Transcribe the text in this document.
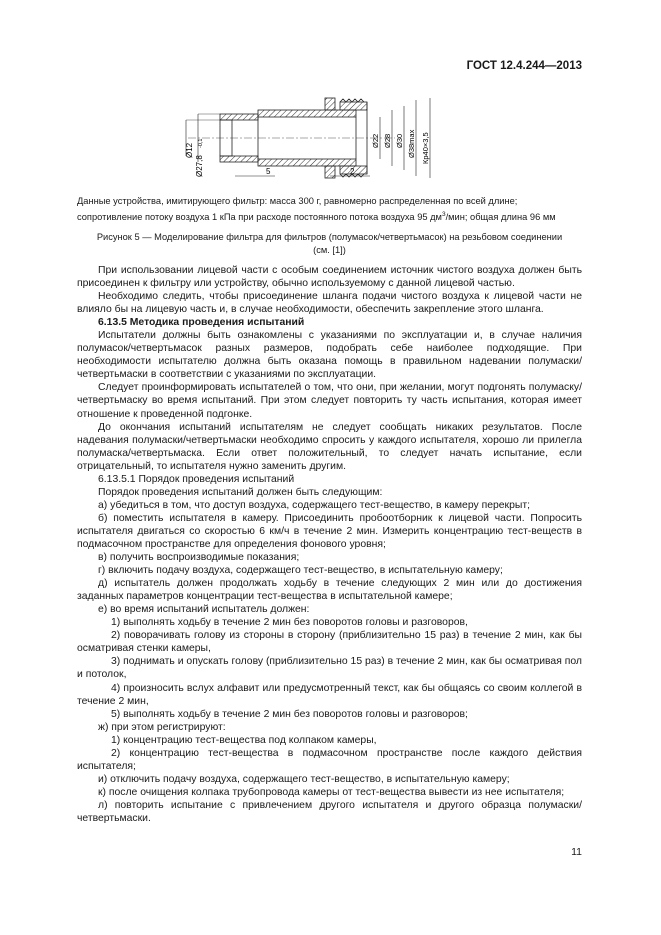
ГОСТ 12.4.244—2013
Ø12
Ø27,8
-0,1
5	2
Ø22 Ø28 Ø30 Ø38max Кр40×3,5
Данные устройства, имитирующего фильтр: масса 300 г, равномерно распределенная по всей длине; сопротивление потоку воздуха 1 кПа при расходе постоянного потока воздуха 95 $дм^3$/мин; общая длина 96 мм
Рисунок 5 — Моделирование фильтра для фильтров (полумасок/четвертьмасок) на резьбовом соединении
(см. [1])

При использовании лицевой части с особым соединением источник чистого воздуха должен быть присоединен к фильтру или устройству, обычно используемому с данной лицевой частью.

Необходимо следить, чтобы присоединение шланга подачи чистого воздуха к лицевой части не влияло бы на лицевую часть и, в случае необходимости, обеспечить закрепление этого шланга.

6.13.5 Методика проведения испытаний

Испытатели должны быть ознакомлены с указаниями по эксплуатации и, в случае наличия полумасок/четвертьмасок разных размеров, подобрать себе наиболее подходящие. При необходимости испытателю должна быть оказана помощь в правильном надевании полумаски/четвертьмаски в соответствии с указаниями по эксплуатации.

Следует проинформировать испытателей о том, что они, при желании, могут подгонять полумаску/четвертьмаску во время испытаний. При этом следует повторить ту часть испытания, которая имеет отношение к проведенной подгонке.

До окончания испытаний испытателям не следует сообщать никаких результатов. После надевания полумаски/четвертьмаски необходимо спросить у каждого испытателя, хорошо ли прилегла полумаска/четвертьмаска. Если ответ положительный, то следует начать испытание, если отрицательный, то испытателя нужно заменить другим.

6.13.5.1 Порядок проведения испытаний

Порядок проведения испытаний должен быть следующим:

а) убедиться в том, что доступ воздуха, содержащего тест-вещество, в камеру перекрыт;

б) поместить испытателя в камеру. Присоединить пробоотборник к лицевой части. Попросить испытателя двигаться со скоростью 6 км/ч в течение 2 мин. Измерить концентрацию тест-веществ в подмасочном пространстве для определения фонового уровня;

в) получить воспроизводимые показания;

г) включить подачу воздуха, содержащего тест-вещество, в испытательную камеру;

д) испытатель должен продолжать ходьбу в течение следующих 2 мин или до достижения заданных параметров концентрации тест-вещества в испытательной камере;

е) во время испытаний испытатель должен:

1) выполнять ходьбу в течение 2 мин без поворотов головы и разговоров,

2) поворачивать голову из стороны в сторону (приблизительно 15 раз) в течение 2 мин, как бы осматривая стенки камеры,

3) поднимать и опускать голову (приблизительно 15 раз) в течение 2 мин, как бы осматривая пол и потолок,

4) произносить вслух алфавит или предусмотренный текст, как бы общаясь со своим коллегой в течение 2 мин,

5) выполнять ходьбу в течение 2 мин без поворотов головы и разговоров;

ж) при этом регистрируют:

1) концентрацию тест-вещества под колпаком камеры,

2) концентрацию тест-вещества в подмасочном пространстве после каждого действия испытателя;

и) отключить подачу воздуха, содержащего тест-вещество, в испытательную камеру;

к) после очищения колпака трубопровода камеры от тест-вещества вывести из нее испытателя;

л) повторить испытание с привлечением другого испытателя и другого образца полумаски/четвертьмаски.

11
